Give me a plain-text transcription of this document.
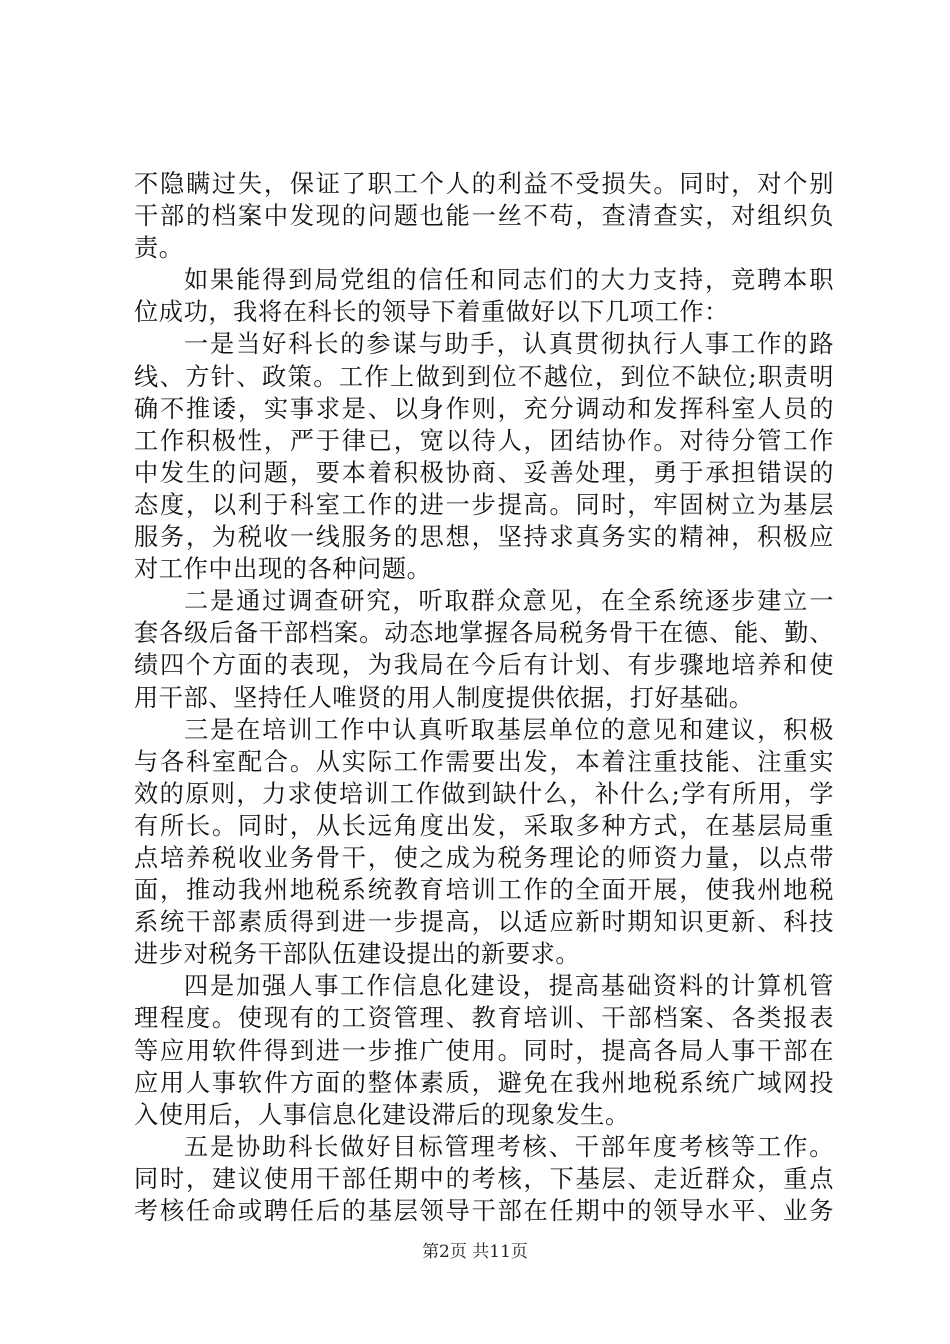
不隐瞒过失，保证了职工个人的利益不受损失。同时，对个别
干部的档案中发现的问题也能一丝不苟，查清查实，对组织负
责。
如果能得到局党组的信任和同志们的大力支持，竞聘本职
位成功，我将在科长的领导下着重做好以下几项工作：
一是当好科长的参谋与助手，认真贯彻执行人事工作的路
线、方针、政策。工作上做到到位不越位，到位不缺位;职责明
确不推诿，实事求是、以身作则，充分调动和发挥科室人员的
工作积极性，严于律已，宽以待人，团结协作。对待分管工作
中发生的问题，要本着积极协商、妥善处理，勇于承担错误的
态度，以利于科室工作的进一步提高。同时，牢固树立为基层
服务，为税收一线服务的思想，坚持求真务实的精神，积极应
对工作中出现的各种问题。
二是通过调查研究，听取群众意见，在全系统逐步建立一
套各级后备干部档案。动态地掌握各局税务骨干在德、能、勤、
绩四个方面的表现，为我局在今后有计划、有步骤地培养和使
用干部、坚持任人唯贤的用人制度提供依据，打好基础。
三是在培训工作中认真听取基层单位的意见和建议，积极
与各科室配合。从实际工作需要出发，本着注重技能、注重实
效的原则，力求使培训工作做到缺什么，补什么;学有所用，学
有所长。同时，从长远角度出发，采取多种方式，在基层局重
点培养税收业务骨干，使之成为税务理论的师资力量，以点带
面，推动我州地税系统教育培训工作的全面开展，使我州地税
系统干部素质得到进一步提高，以适应新时期知识更新、科技
进步对税务干部队伍建设提出的新要求。
四是加强人事工作信息化建设，提高基础资料的计算机管
理程度。使现有的工资管理、教育培训、干部档案、各类报表
等应用软件得到进一步推广使用。同时，提高各局人事干部在
应用人事软件方面的整体素质，避免在我州地税系统广域网投
入使用后，人事信息化建设滞后的现象发生。
五是协助科长做好目标管理考核、干部年度考核等工作。
同时，建议使用干部任期中的考核，下基层、走近群众，重点
考核任命或聘任后的基层领导干部在任期中的领导水平、业务
第2页 共11页
